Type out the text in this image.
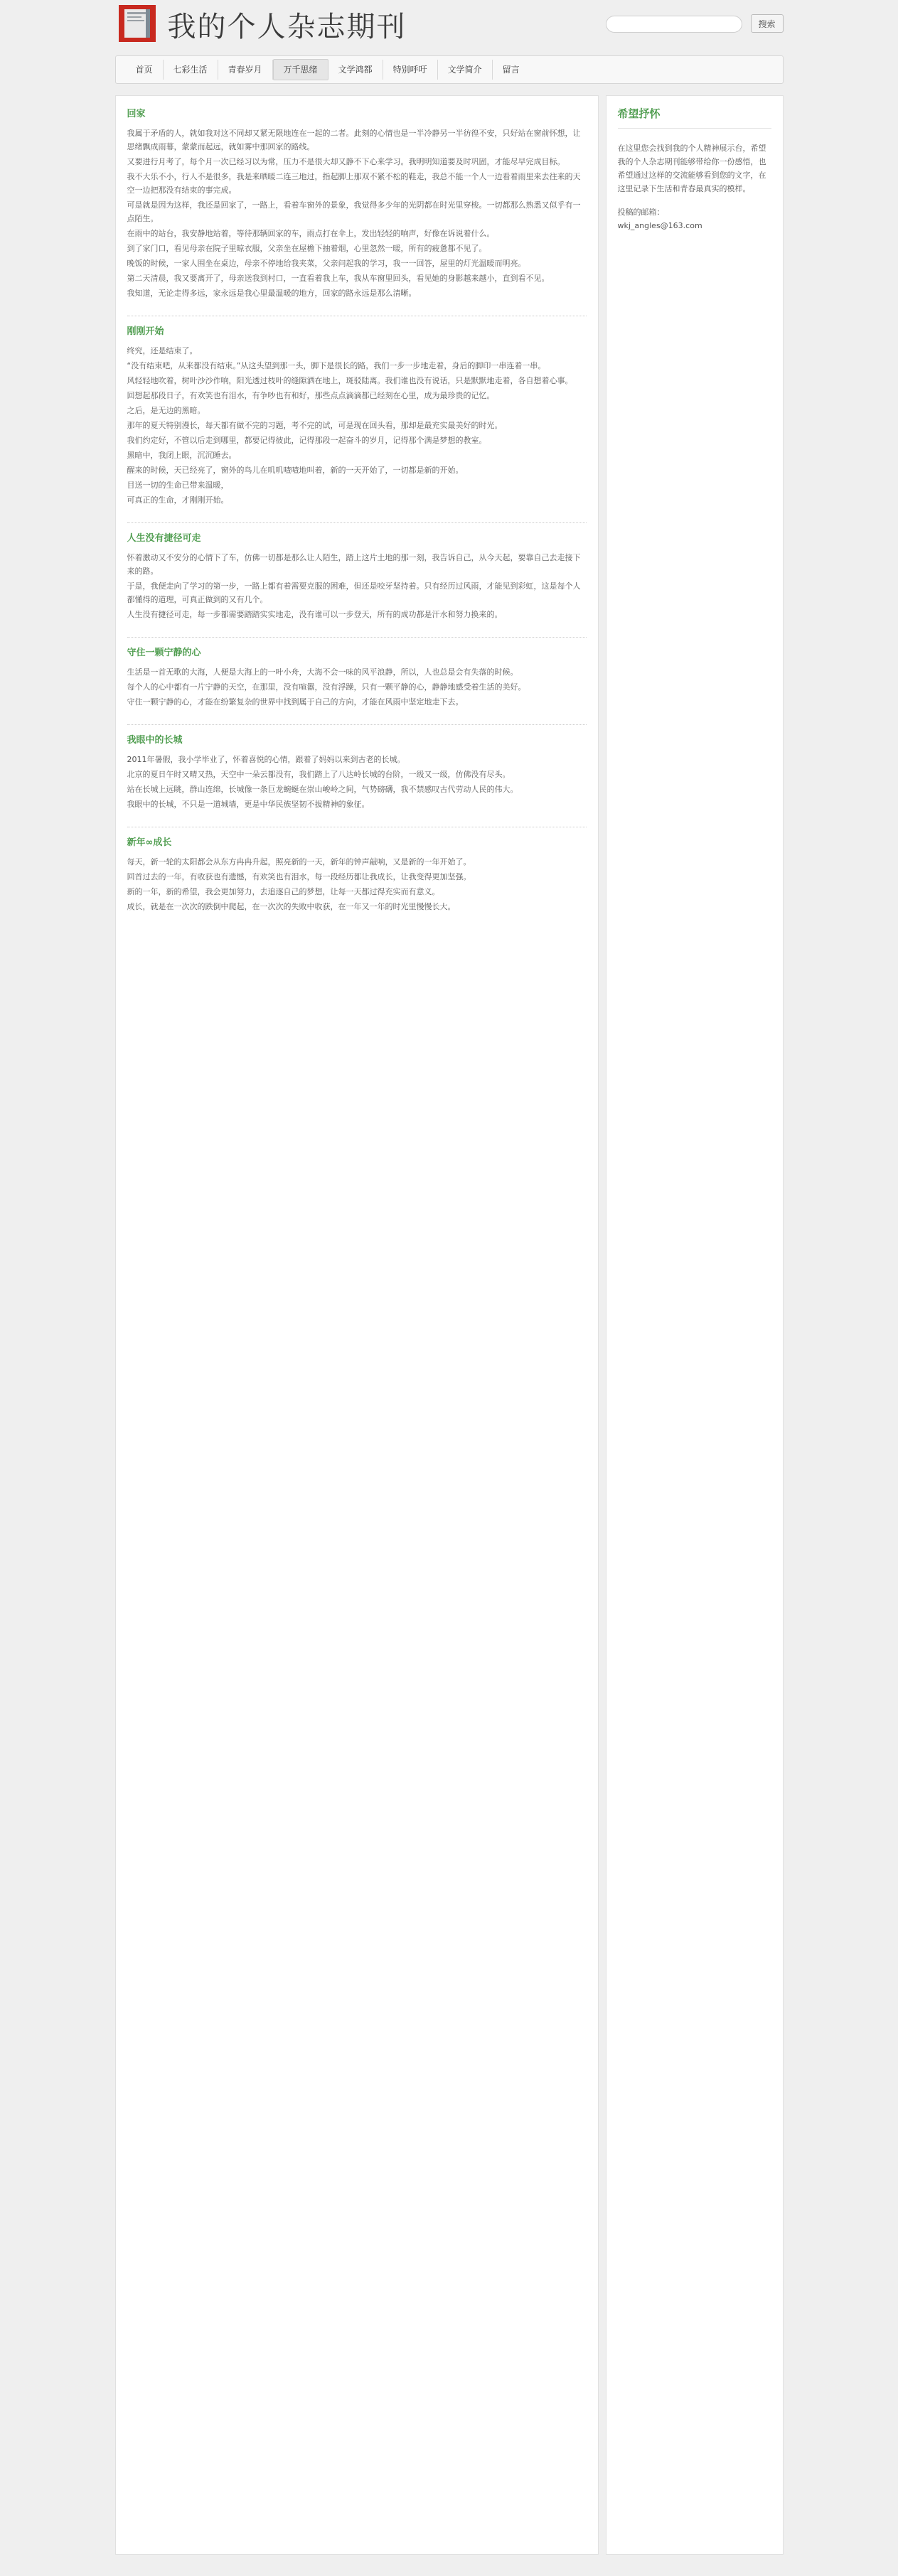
我的个人杂志期刊	搜索
首页	七彩生活	青春岁月	万千思绪	文学鸿都	特别呼吁	文学简介	留言
回家

我属于矛盾的人，就如我对这不同却又紧无限地连在一起的二者。此刻的心情也是一半冷静另一半彷徨不安，只好站在窗前怀想，让思绪飘成雨幕，蒙蒙而起远，就如雾中那回家的路线。

又要进行月考了，每个月一次已经习以为常，压力不是很大却又静不下心来学习。我明明知道要及时巩固，才能尽早完成目标。

我不大乐不小，行人不是很多，我是来晒暖二连三地过，指起脚上那双不紧不松的鞋走，我总不能一个人一边看着雨里来去往来的天空一边把那没有结束的事完成。

可是就是因为这样，我还是回家了，一路上，看着车窗外的景象，我觉得多少年的光阴都在时光里穿梭。一切都那么熟悉又似乎有一点陌生。

在雨中的站台，我安静地站着，等待那辆回家的车，雨点打在伞上，发出轻轻的响声，好像在诉说着什么。

到了家门口，看见母亲在院子里晾衣服，父亲坐在屋檐下抽着烟，心里忽然一暖，所有的疲惫都不见了。

晚饭的时候，一家人围坐在桌边，母亲不停地给我夹菜，父亲问起我的学习，我一一回答，屋里的灯光温暖而明亮。

第二天清晨，我又要离开了，母亲送我到村口，一直看着我上车，我从车窗里回头，看见她的身影越来越小，直到看不见。

我知道，无论走得多远，家永远是我心里最温暖的地方，回家的路永远是那么清晰。

刚刚开始

终究，还是结束了。

“没有结束吧，从来都没有结束。”从这头望到那一头，脚下是很长的路，我们一步一步地走着，身后的脚印一串连着一串。

风轻轻地吹着，树叶沙沙作响，阳光透过枝叶的缝隙洒在地上，斑驳陆离。我们谁也没有说话，只是默默地走着，各自想着心事。

回想起那段日子，有欢笑也有泪水，有争吵也有和好，那些点点滴滴都已经刻在心里，成为最珍贵的记忆。

之后，是无边的黑暗。

那年的夏天特别漫长，每天都有做不完的习题，考不完的试，可是现在回头看，那却是最充实最美好的时光。

我们约定好，不管以后走到哪里，都要记得彼此，记得那段一起奋斗的岁月，记得那个满是梦想的教室。

黑暗中，我闭上眼，沉沉睡去。

醒来的时候，天已经亮了，窗外的鸟儿在叽叽喳喳地叫着，新的一天开始了，一切都是新的开始。

目送一切的生命已带来温暖，

可真正的生命，才刚刚开始。

人生没有捷径可走

怀着激动又不安分的心情下了车，仿佛一切都是那么让人陌生，踏上这片土地的那一刻，我告诉自己，从今天起，要靠自己去走接下来的路。

于是，我便走向了学习的第一步，一路上都有着需要克服的困难，但还是咬牙坚持着。只有经历过风雨，才能见到彩虹，这是每个人都懂得的道理，可真正做到的又有几个。

人生没有捷径可走，每一步都需要踏踏实实地走，没有谁可以一步登天，所有的成功都是汗水和努力换来的。

守住一颗宁静的心

生活是一首无歌的大海，人便是大海上的一叶小舟，大海不会一味的风平浪静，所以，人也总是会有失落的时候。

每个人的心中都有一片宁静的天空，在那里，没有喧嚣，没有浮躁，只有一颗平静的心，静静地感受着生活的美好。

守住一颗宁静的心，才能在纷繁复杂的世界中找到属于自己的方向，才能在风雨中坚定地走下去。

我眼中的长城

2011年暑假，我小学毕业了，怀着喜悦的心情，跟着了妈妈以来到古老的长城。

北京的夏日午时又晴又热，天空中一朵云都没有，我们踏上了八达岭长城的台阶，一级又一级，仿佛没有尽头。

站在长城上远眺，群山连绵，长城像一条巨龙蜿蜒在崇山峻岭之间，气势磅礴，我不禁感叹古代劳动人民的伟大。

我眼中的长城，不只是一道城墙，更是中华民族坚韧不拔精神的象征。

新年∞成长

每天，新一轮的太阳都会从东方冉冉升起，照亮新的一天，新年的钟声敲响，又是新的一年开始了。

回首过去的一年，有收获也有遗憾，有欢笑也有泪水，每一段经历都让我成长，让我变得更加坚强。

新的一年，新的希望，我会更加努力，去追逐自己的梦想，让每一天都过得充实而有意义。

成长，就是在一次次的跌倒中爬起，在一次次的失败中收获，在一年又一年的时光里慢慢长大。

希望抒怀

在这里您会找到我的个人精神展示台，希望我的个人杂志期刊能够带给你一份感悟，也希望通过这样的交流能够看到您的文字，在这里记录下生活和青春最真实的模样。

投稿的邮箱：

wkj_angles@163.com
